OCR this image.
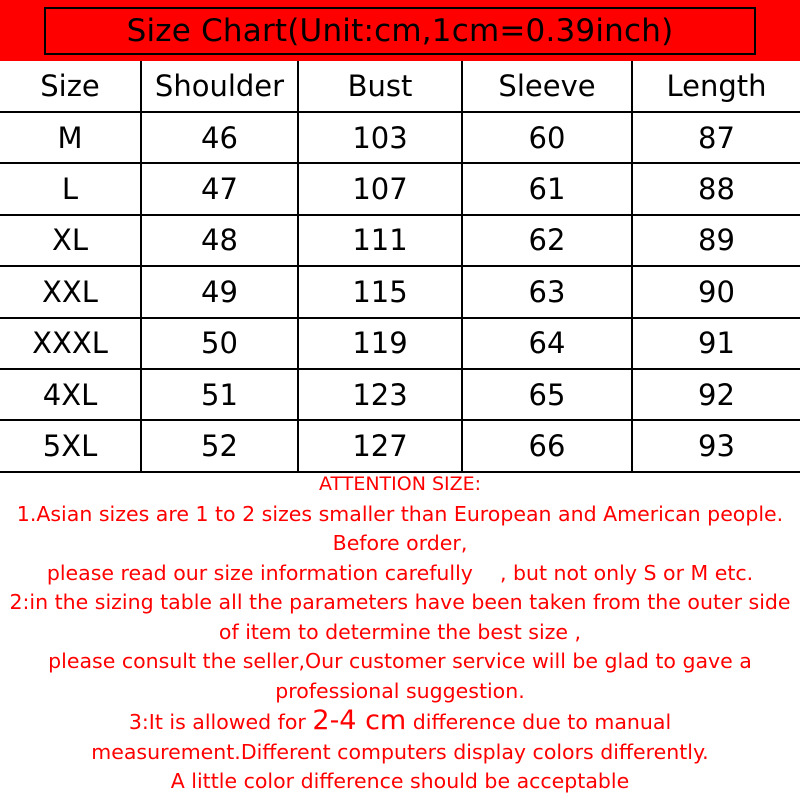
Size Chart(Unit:cm,1cm=0.39inch)
Size	Shoulder	Bust	Sleeve	Length
M	46	103	60	87
L	47	107	61	88
XL	48	111	62	89
XXL	49	115	63	90
XXXL	50	119	64	91
4XL	51	123	65	92
5XL	52	127	66	93
ATTENTION SIZE:
1.Asian sizes are 1 to 2 sizes smaller than European and American people.
Before order,
please read our size information carefully 　, but not only S or M etc.
2:in the sizing table all the parameters have been taken from the outer side
of item to determine the best size ,
please consult the seller,Our customer service will be glad to gave a
professional suggestion.
3:It is allowed for 2-4 cm difference due to manual
measurement.Different computers display colors differently.
A little color difference should be acceptable
